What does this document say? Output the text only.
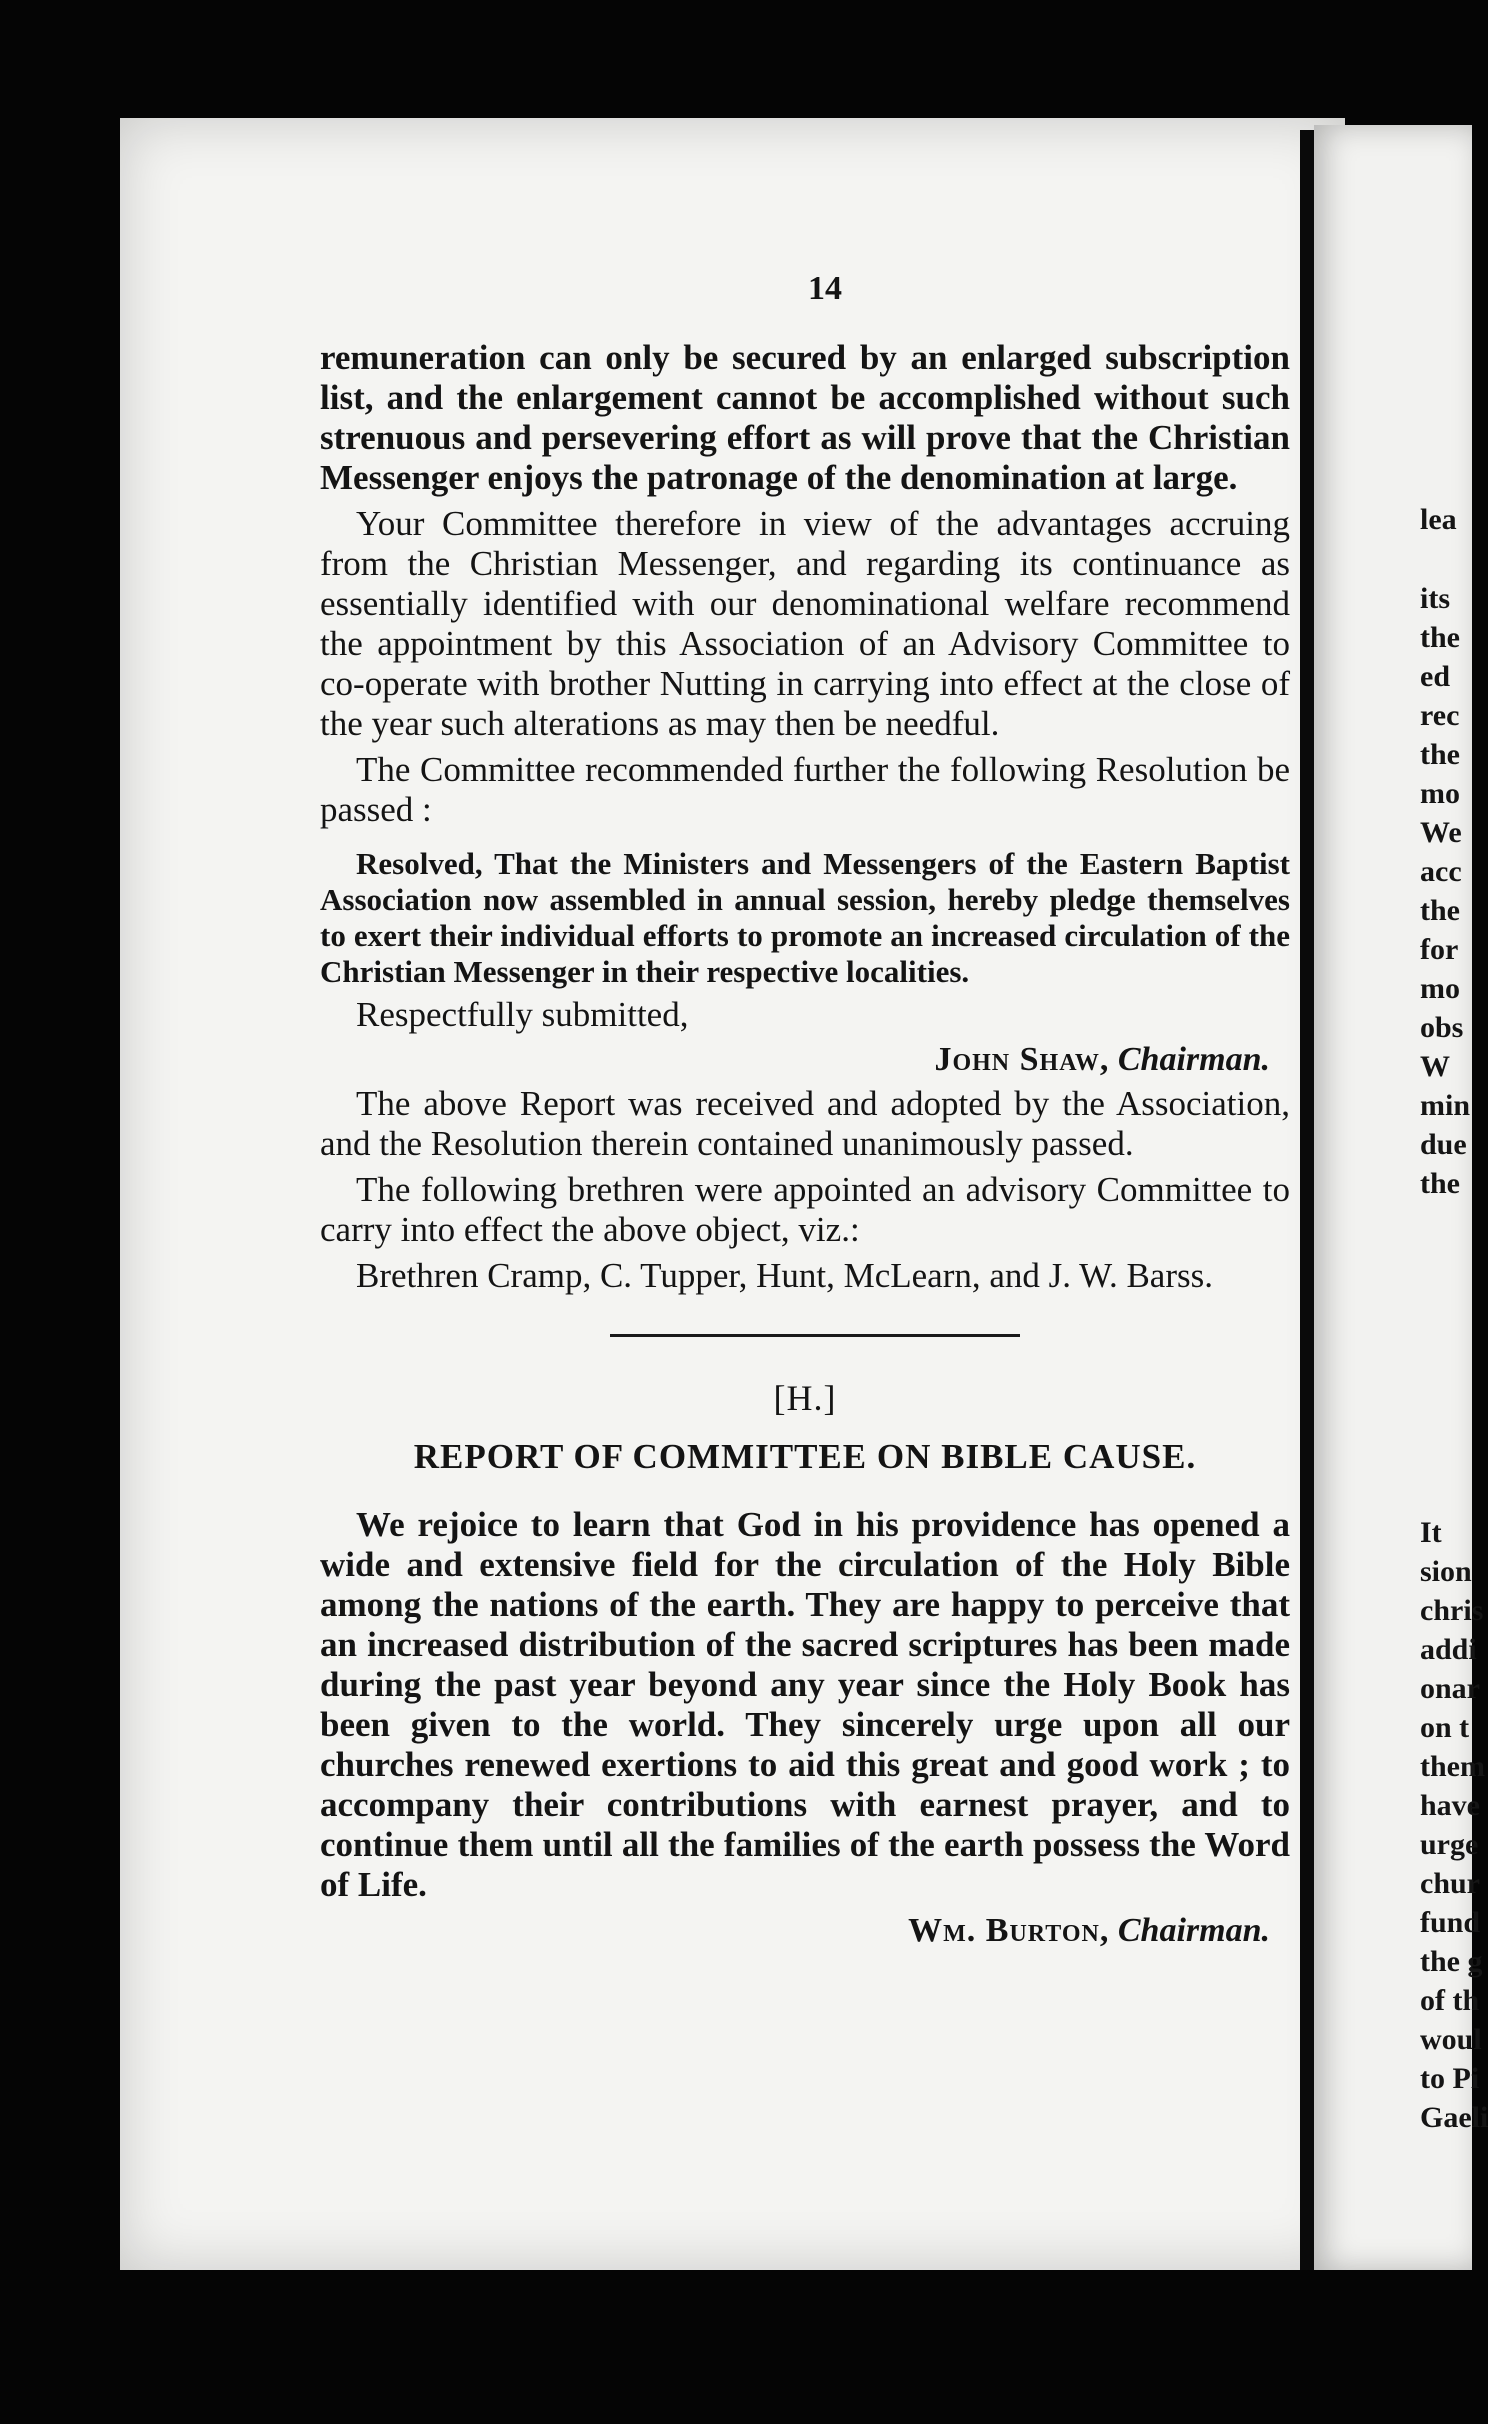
14

remuneration can only be secured by an enlarged subscription list, and the enlargement cannot be accomplished without such strenuous and persevering effort as will prove that the Christian Messenger enjoys the patronage of the denomination at large.

Your Committee therefore in view of the advantages accruing from the Christian Messenger, and regarding its continuance as essentially identified with our denominational welfare recommend the appointment by this Association of an Advisory Committee to co-operate with brother Nutting in carrying into effect at the close of the year such alterations as may then be needful.

The Committee recommended further the following Resolution be passed :

Resolved, That the Ministers and Messengers of the Eastern Baptist Association now assembled in annual session, hereby pledge themselves to exert their individual efforts to promote an increased circulation of the Christian Messenger in their respective localities.

Respectfully submitted,

John Shaw, Chairman.

The above Report was received and adopted by the Association, and the Resolution therein contained unanimously passed.

The following brethren were appointed an advisory Committee to carry into effect the above object, viz.:

Brethren Cramp, C. Tupper, Hunt, McLearn, and J. W. Barss.

[H.]
REPORT OF COMMITTEE ON BIBLE CAUSE.

We rejoice to learn that God in his providence has opened a wide and extensive field for the circulation of the Holy Bible among the nations of the earth. They are happy to perceive that an increased distribution of the sacred scriptures has been made during the past year beyond any year since the Holy Book has been given to the world. They sincerely urge upon all our churches renewed exertions to aid this great and good work ; to accompany their contributions with earnest prayer, and to continue them until all the families of the earth possess the Word of Life.

Wm. Burton, Chairman.
lea
its
the
ed
rec
the
mo
We
acc
the
for
mo
obs
W
min
due
the
It
sion
chris
addi
onar
on t
them
have
urge
chur
fund
the g
of th
woul
to Pi
Gaeli
